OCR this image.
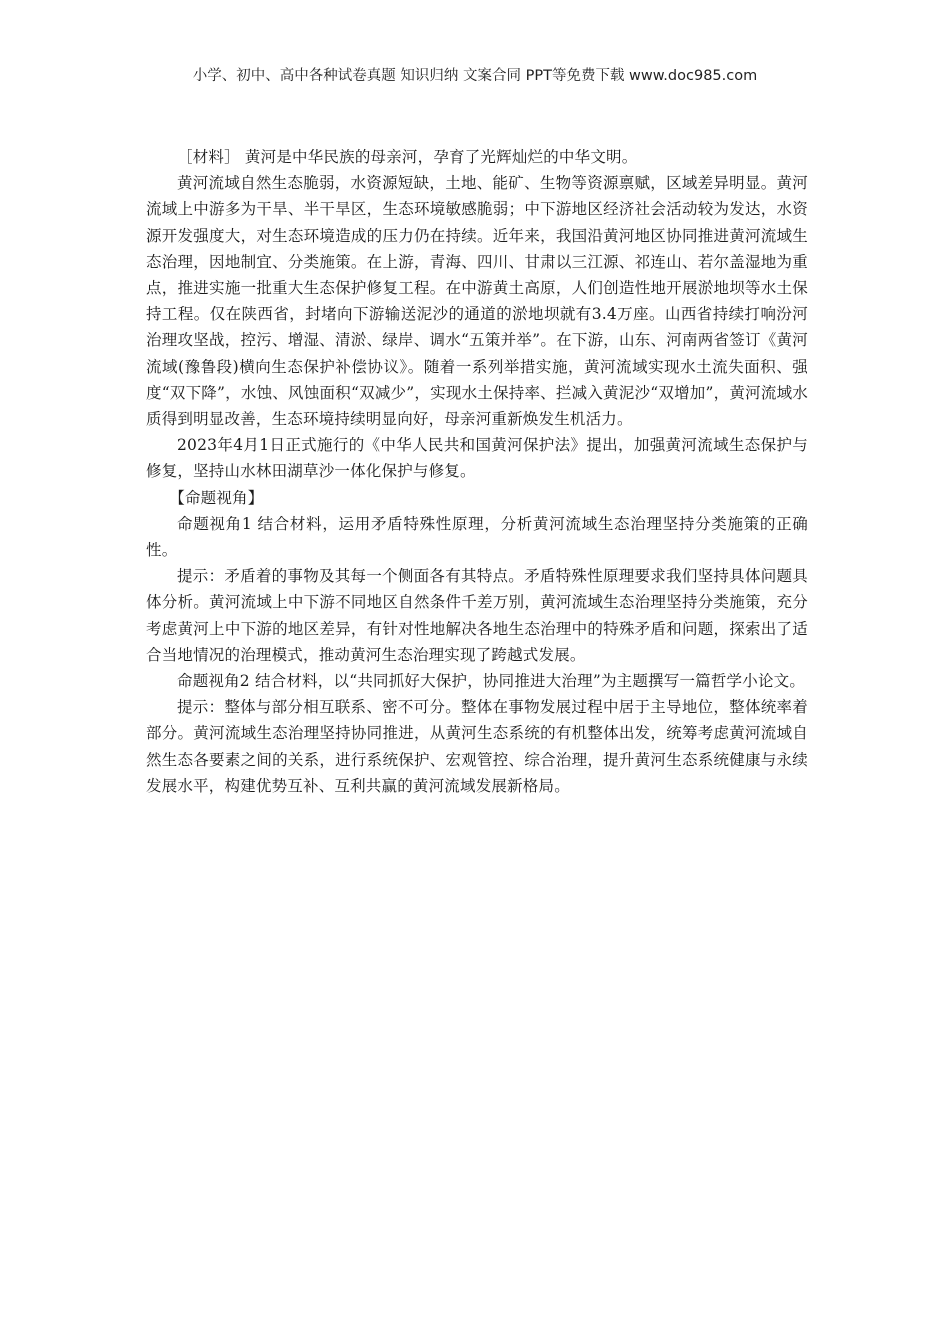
小学、初中、高中各种试卷真题 知识归纳 文案合同 PPT等免费下载 www.doc985.com

［材料］ 黄河是中华民族的母亲河，孕育了光辉灿烂的中华文明。

黄河流域自然生态脆弱，水资源短缺，土地、能矿、生物等资源禀赋，区域差异明显。黄河流域上中游多为干旱、半干旱区，生态环境敏感脆弱；中下游地区经济社会活动较为发达，水资源开发强度大，对生态环境造成的压力仍在持续。近年来，我国沿黄河地区协同推进黄河流域生态治理，因地制宜、分类施策。在上游，青海、四川、甘肃以三江源、祁连山、若尔盖湿地为重点，推进实施一批重大生态保护修复工程。在中游黄土高原，人们创造性地开展淤地坝等水土保持工程。仅在陕西省，封堵向下游输送泥沙的通道的淤地坝就有3.4万座。山西省持续打响汾河治理攻坚战，控污、增湿、清淤、绿岸、调水“五策并举”。在下游，山东、河南两省签订《黄河流域(豫鲁段)横向生态保护补偿协议》。随着一系列举措实施，黄河流域实现水土流失面积、强度“双下降”，水蚀、风蚀面积“双减少”，实现水土保持率、拦减入黄泥沙“双增加”，黄河流域水质得到明显改善，生态环境持续明显向好，母亲河重新焕发生机活力。

2023年4月1日正式施行的《中华人民共和国黄河保护法》提出，加强黄河流域生态保护与修复，坚持山水林田湖草沙一体化保护与修复。

【命题视角】

命题视角1 结合材料，运用矛盾特殊性原理，分析黄河流域生态治理坚持分类施策的正确性。

提示：矛盾着的事物及其每一个侧面各有其特点。矛盾特殊性原理要求我们坚持具体问题具体分析。黄河流域上中下游不同地区自然条件千差万别，黄河流域生态治理坚持分类施策，充分考虑黄河上中下游的地区差异，有针对性地解决各地生态治理中的特殊矛盾和问题，探索出了适合当地情况的治理模式，推动黄河生态治理实现了跨越式发展。

命题视角2 结合材料，以“共同抓好大保护，协同推进大治理”为主题撰写一篇哲学小论文。

提示：整体与部分相互联系、密不可分。整体在事物发展过程中居于主导地位，整体统率着部分。黄河流域生态治理坚持协同推进，从黄河生态系统的有机整体出发，统筹考虑黄河流域自然生态各要素之间的关系，进行系统保护、宏观管控、综合治理，提升黄河生态系统健康与永续发展水平，构建优势互补、互利共赢的黄河流域发展新格局。
